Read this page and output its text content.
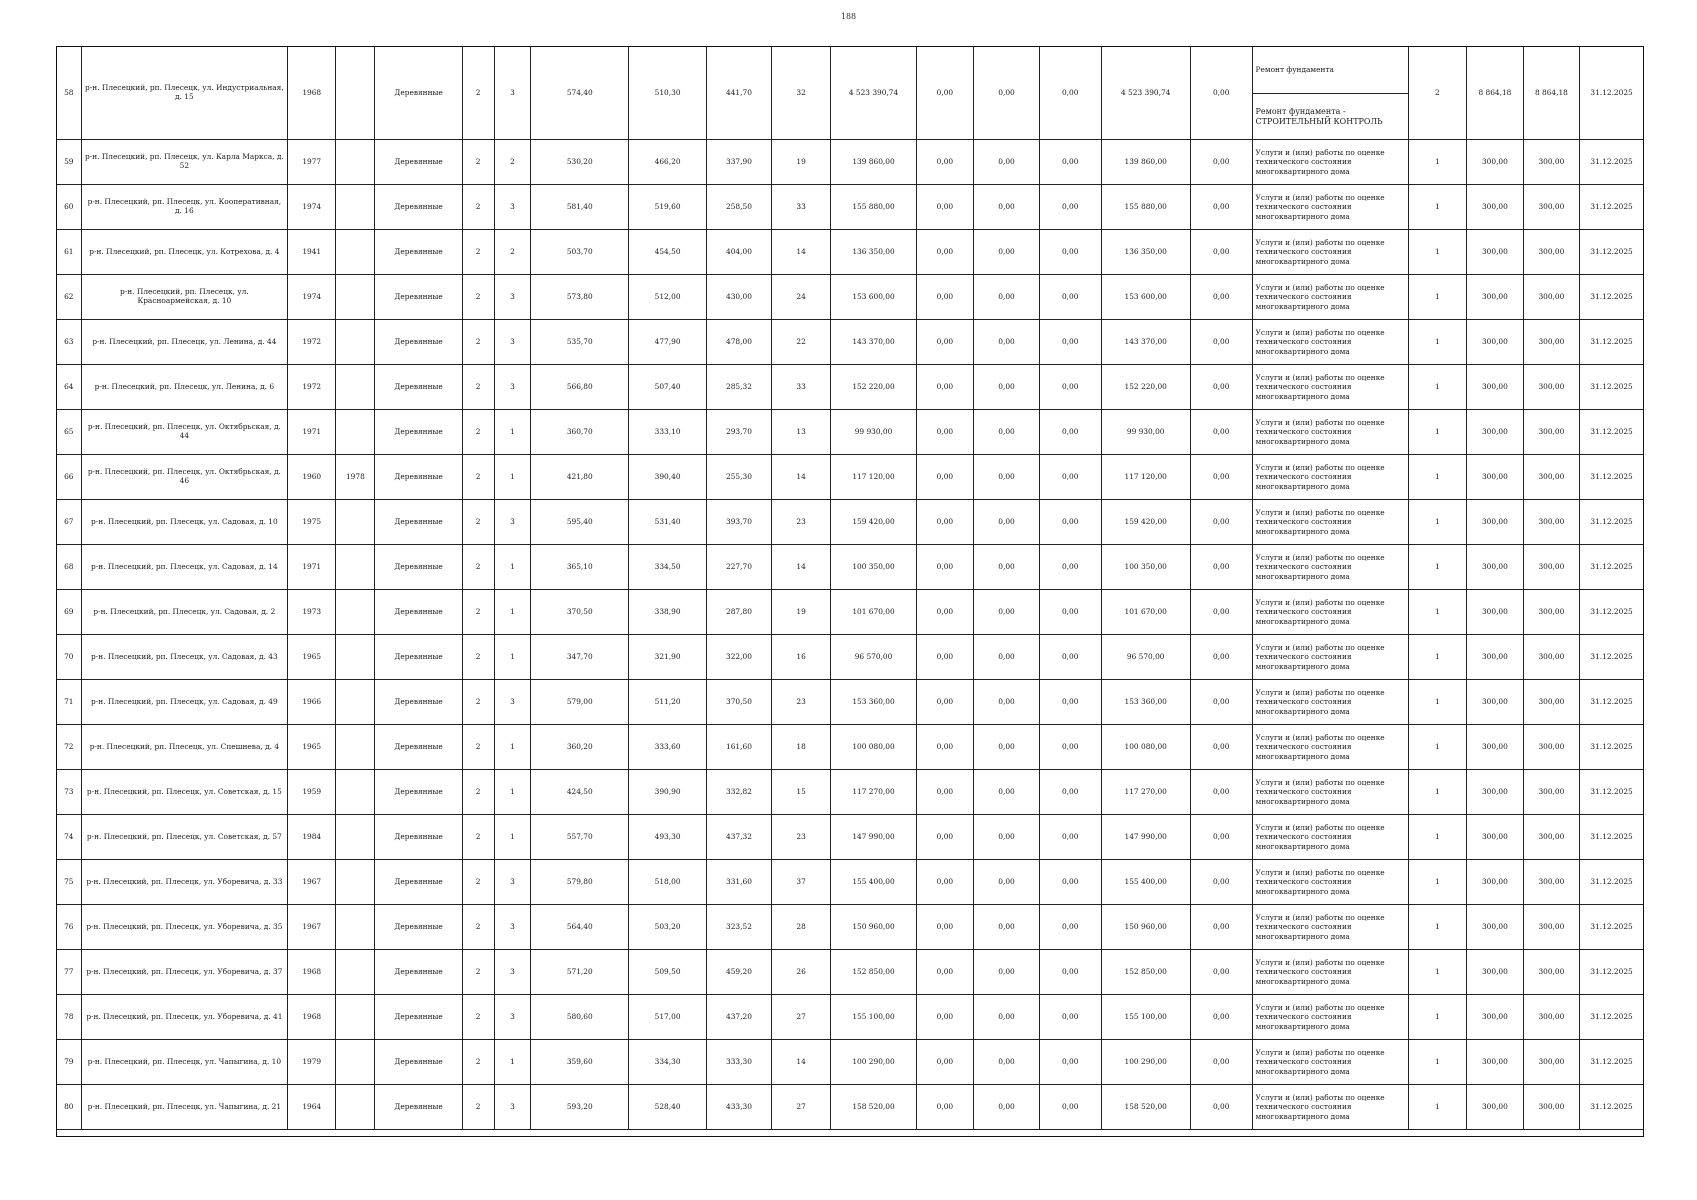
188
58	р-н. Плесецкий, рп. Плесецк, ул. Индустриальная, д. 15	1968		Деревянные	2	3	574,40	510,30	441,70	32	4 523 390,74	0,00	0,00	0,00	4 523 390,74	0,00	Ремонт фундамента	2	8 864,18	8 864,18	31.12.2025
																	Ремонт фундамента - СТРОИТЕЛЬНЫЙ КОНТРОЛЬ				
59	р-н. Плесецкий, рп. Плесецк, ул. Карла Маркса, д. 52	1977		Деревянные	2	2	530,20	466,20	337,90	19	139 860,00	0,00	0,00	0,00	139 860,00	0,00	Услуги и (или) работы по оценке технического состояния многоквартирного дома	1	300,00	300,00	31.12.2025
60	р-н. Плесецкий, рп. Плесецк, ул. Кооперативная, д. 16	1974		Деревянные	2	3	581,40	519,60	258,50	33	155 880,00	0,00	0,00	0,00	155 880,00	0,00	Услуги и (или) работы по оценке технического состояния многоквартирного дома	1	300,00	300,00	31.12.2025
61	р-н. Плесецкий, рп. Плесецк, ул. Котрехова, д. 4	1941		Деревянные	2	2	503,70	454,50	404,00	14	136 350,00	0,00	0,00	0,00	136 350,00	0,00	Услуги и (или) работы по оценке технического состояния многоквартирного дома	1	300,00	300,00	31.12.2025
62	р-н. Плесецкий, рп. Плесецк, ул. Красноармейская, д. 10	1974		Деревянные	2	3	573,80	512,00	430,00	24	153 600,00	0,00	0,00	0,00	153 600,00	0,00	Услуги и (или) работы по оценке технического состояния многоквартирного дома	1	300,00	300,00	31.12.2025
63	р-н. Плесецкий, рп. Плесецк, ул. Ленина, д. 44	1972		Деревянные	2	3	535,70	477,90	478,00	22	143 370,00	0,00	0,00	0,00	143 370,00	0,00	Услуги и (или) работы по оценке технического состояния многоквартирного дома	1	300,00	300,00	31.12.2025
64	р-н. Плесецкий, рп. Плесецк, ул. Ленина, д. 6	1972		Деревянные	2	3	566,80	507,40	285,32	33	152 220,00	0,00	0,00	0,00	152 220,00	0,00	Услуги и (или) работы по оценке технического состояния многоквартирного дома	1	300,00	300,00	31.12.2025
65	р-н. Плесецкий, рп. Плесецк, ул. Октябрьская, д. 44	1971		Деревянные	2	1	360,70	333,10	293,70	13	99 930,00	0,00	0,00	0,00	99 930,00	0,00	Услуги и (или) работы по оценке технического состояния многоквартирного дома	1	300,00	300,00	31.12.2025
66	р-н. Плесецкий, рп. Плесецк, ул. Октябрьская, д. 46	1960	1978	Деревянные	2	1	421,80	390,40	255,30	14	117 120,00	0,00	0,00	0,00	117 120,00	0,00	Услуги и (или) работы по оценке технического состояния многоквартирного дома	1	300,00	300,00	31.12.2025
67	р-н. Плесецкий, рп. Плесецк, ул. Садовая, д. 10	1975		Деревянные	2	3	595,40	531,40	393,70	23	159 420,00	0,00	0,00	0,00	159 420,00	0,00	Услуги и (или) работы по оценке технического состояния многоквартирного дома	1	300,00	300,00	31.12.2025
68	р-н. Плесецкий, рп. Плесецк, ул. Садовая, д. 14	1971		Деревянные	2	1	365,10	334,50	227,70	14	100 350,00	0,00	0,00	0,00	100 350,00	0,00	Услуги и (или) работы по оценке технического состояния многоквартирного дома	1	300,00	300,00	31.12.2025
69	р-н. Плесецкий, рп. Плесецк, ул. Садовая, д. 2	1973		Деревянные	2	1	370,50	338,90	287,80	19	101 670,00	0,00	0,00	0,00	101 670,00	0,00	Услуги и (или) работы по оценке технического состояния многоквартирного дома	1	300,00	300,00	31.12.2025
70	р-н. Плесецкий, рп. Плесецк, ул. Садовая, д. 43	1965		Деревянные	2	1	347,70	321,90	322,00	16	96 570,00	0,00	0,00	0,00	96 570,00	0,00	Услуги и (или) работы по оценке технического состояния многоквартирного дома	1	300,00	300,00	31.12.2025
71	р-н. Плесецкий, рп. Плесецк, ул. Садовая, д. 49	1966		Деревянные	2	3	579,00	511,20	370,50	23	153 360,00	0,00	0,00	0,00	153 360,00	0,00	Услуги и (или) работы по оценке технического состояния многоквартирного дома	1	300,00	300,00	31.12.2025
72	р-н. Плесецкий, рп. Плесецк, ул. Спешнева, д. 4	1965		Деревянные	2	1	360,20	333,60	161,60	18	100 080,00	0,00	0,00	0,00	100 080,00	0,00	Услуги и (или) работы по оценке технического состояния многоквартирного дома	1	300,00	300,00	31.12.2025
73	р-н. Плесецкий, рп. Плесецк, ул. Советская, д. 15	1959		Деревянные	2	1	424,50	390,90	332,82	15	117 270,00	0,00	0,00	0,00	117 270,00	0,00	Услуги и (или) работы по оценке технического состояния многоквартирного дома	1	300,00	300,00	31.12.2025
74	р-н. Плесецкий, рп. Плесецк, ул. Советская, д. 57	1984		Деревянные	2	1	557,70	493,30	437,32	23	147 990,00	0,00	0,00	0,00	147 990,00	0,00	Услуги и (или) работы по оценке технического состояния многоквартирного дома	1	300,00	300,00	31.12.2025
75	р-н. Плесецкий, рп. Плесецк, ул. Уборевича, д. 33	1967		Деревянные	2	3	579,80	518,00	331,60	37	155 400,00	0,00	0,00	0,00	155 400,00	0,00	Услуги и (или) работы по оценке технического состояния многоквартирного дома	1	300,00	300,00	31.12.2025
76	р-н. Плесецкий, рп. Плесецк, ул. Уборевича, д. 35	1967		Деревянные	2	3	564,40	503,20	323,52	28	150 960,00	0,00	0,00	0,00	150 960,00	0,00	Услуги и (или) работы по оценке технического состояния многоквартирного дома	1	300,00	300,00	31.12.2025
77	р-н. Плесецкий, рп. Плесецк, ул. Уборевича, д. 37	1968		Деревянные	2	3	571,20	509,50	459,20	26	152 850,00	0,00	0,00	0,00	152 850,00	0,00	Услуги и (или) работы по оценке технического состояния многоквартирного дома	1	300,00	300,00	31.12.2025
78	р-н. Плесецкий, рп. Плесецк, ул. Уборевича, д. 41	1968		Деревянные	2	3	580,60	517,00	437,20	27	155 100,00	0,00	0,00	0,00	155 100,00	0,00	Услуги и (или) работы по оценке технического состояния многоквартирного дома	1	300,00	300,00	31.12.2025
79	р-н. Плесецкий, рп. Плесецк, ул. Чапыгина, д. 10	1979		Деревянные	2	1	359,60	334,30	333,30	14	100 290,00	0,00	0,00	0,00	100 290,00	0,00	Услуги и (или) работы по оценке технического состояния многоквартирного дома	1	300,00	300,00	31.12.2025
80	р-н. Плесецкий, рп. Плесецк, ул. Чапыгина, д. 21	1964		Деревянные	2	3	593,20	528,40	433,30	27	158 520,00	0,00	0,00	0,00	158 520,00	0,00	Услуги и (или) работы по оценке технического состояния многоквартирного дома	1	300,00	300,00	31.12.2025
